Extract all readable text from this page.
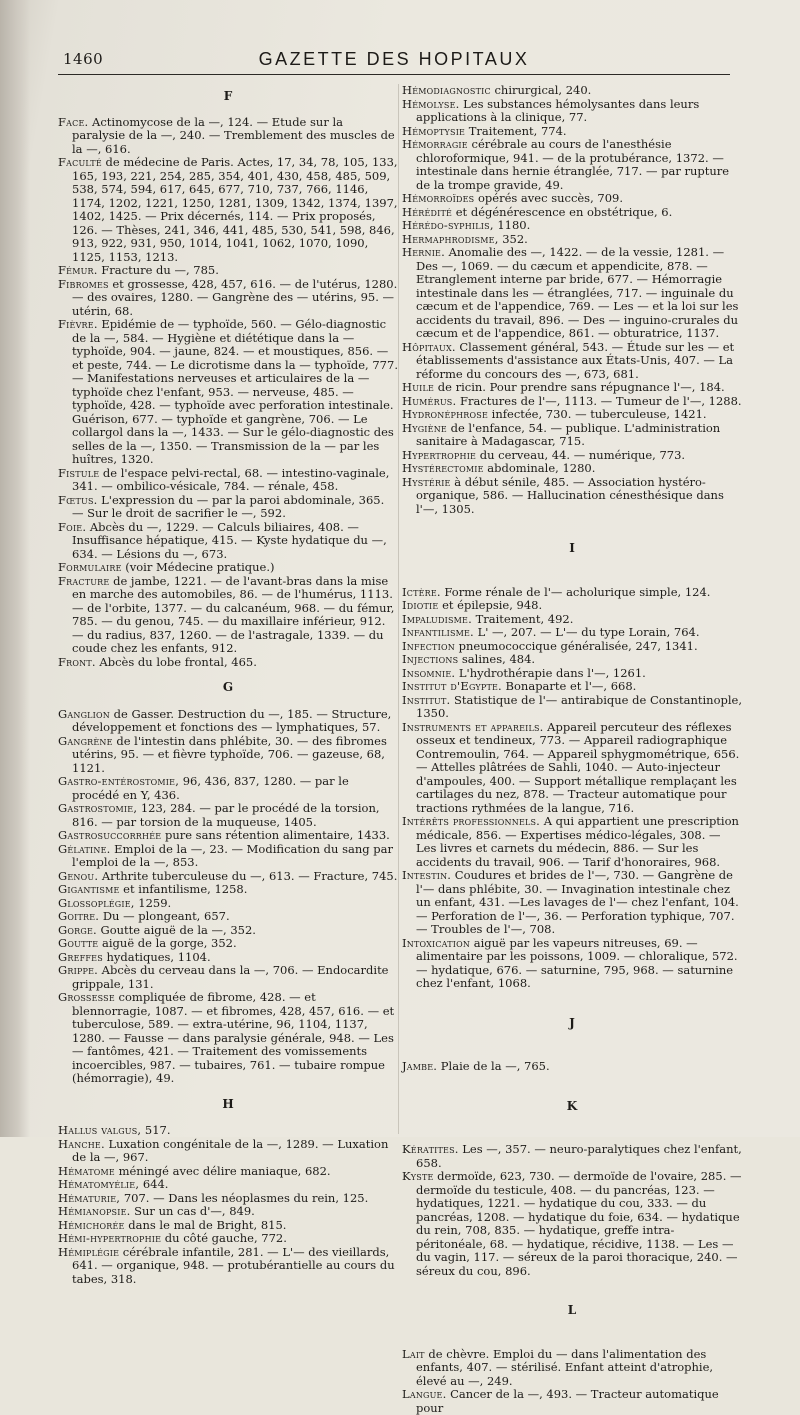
1460	GAZETTE DES HOPITAUX
F

Face. Actinomycose de la —, 124. — Etude sur la paralysie de la —, 240. — Tremblement des muscles de la —, 616.

Faculté de médecine de Paris. Actes, 17, 34, 78, 105, 133, 165, 193, 221, 254, 285, 354, 401, 430, 458, 485, 509, 538, 574, 594, 617, 645, 677, 710, 737, 766, 1146, 1174, 1202, 1221, 1250, 1281, 1309, 1342, 1374, 1397, 1402, 1425. — Prix décernés, 114. — Prix proposés, 126. — Thèses, 241, 346, 441, 485, 530, 541, 598, 846, 913, 922, 931, 950, 1014, 1041, 1062, 1070, 1090, 1125, 1153, 1213.

Fémur. Fracture du —, 785.

Fibromes et grossesse, 428, 457, 616. — de l'utérus, 1280. — des ovaires, 1280. — Gangrène des — utérins, 95. — utérin, 68.

Fièvre. Epidémie de — typhoïde, 560. — Gélo-diagnostic de la —, 584. — Hygiène et diététique dans la — typhoïde, 904. — jaune, 824. — et moustiques, 856. — et peste, 744. — Le dicrotisme dans la — typhoïde, 777. — Manifestations nerveuses et articulaires de la — typhoïde chez l'enfant, 953. — nerveuse, 485. — typhoïde, 428. — typhoïde avec perforation intestinale. Guérison, 677. — typhoïde et gangrène, 706. — Le collargol dans la —, 1433. — Sur le gélo-diagnostic des selles de la —, 1350. — Transmission de la — par les huîtres, 1320.

Fistule de l'espace pelvi-rectal, 68. — intestino-vaginale, 341. — ombilico-vésicale, 784. — rénale, 458.

Fœtus. L'expression du — par la paroi abdominale, 365. — Sur le droit de sacrifier le —, 592.

Foie. Abcès du —, 1229. — Calculs biliaires, 408. — Insuffisance hépatique, 415. — Kyste hydatique du —, 634. — Lésions du —, 673.

Formulaire (voir Médecine pratique.)

Fracture de jambe, 1221. — de l'avant-bras dans la mise en marche des automobiles, 86. — de l'humérus, 1113. — de l'orbite, 1377. — du calcanéum, 968. — du fémur, 785. — du genou, 745. — du maxillaire inférieur, 912. — du radius, 837, 1260. — de l'astragale, 1339. — du coude chez les enfants, 912.

Front. Abcès du lobe frontal, 465.

G

Ganglion de Gasser. Destruction du —, 185. — Structure, développement et fonctions des — lymphatiques, 57.

Gangrène de l'intestin dans phlébite, 30. — des fibromes utérins, 95. — et fièvre typhoïde, 706. — gazeuse, 68, 1121.

Gastro-entérostomie, 96, 436, 837, 1280. — par le procédé en Y, 436.

Gastrostomie, 123, 284. — par le procédé de la torsion, 816. — par torsion de la muqueuse, 1405.

Gastrosuccorrhée pure sans rétention alimentaire, 1433.

Gélatine. Emploi de la —, 23. — Modification du sang par l'emploi de la —, 853.

Genou. Arthrite tuberculeuse du —, 613. — Fracture, 745.

Gigantisme et infantilisme, 1258.

Glossoplégie, 1259.

Goitre. Du — plongeant, 657.

Gorge. Goutte aiguë de la —, 352.

Goutte aiguë de la gorge, 352.

Greffes hydatiques, 1104.

Grippe. Abcès du cerveau dans la —, 706. — Endocardite grippale, 131.

Grossesse compliquée de fibrome, 428. — et blennorragie, 1087. — et fibromes, 428, 457, 616. — et tuberculose, 589. — extra-utérine, 96, 1104, 1137, 1280. — Fausse — dans paralysie générale, 948. — Les — fantômes, 421. — Traitement des vomissements incoercibles, 987. — tubaires, 761. — tubaire rompue (hémorragie), 49.

H

Hallus valgus, 517.

Hanche. Luxation congénitale de la —, 1289. — Luxation de la —, 967.

Hématome méningé avec délire maniaque, 682.

Hématomyélie, 644.

Hématurie, 707. — Dans les néoplasmes du rein, 125.

Hémianopsie. Sur un cas d'—, 849.

Hémichorée dans le mal de Bright, 815.

Hémi-hypertrophie du côté gauche, 772.

Hémiplégie cérébrale infantile, 281. — L'— des vieillards, 641. — organique, 948. — protubérantielle au cours du tabes, 318.

Hémodiagnostic chirurgical, 240.

Hémolyse. Les substances hémolysantes dans leurs applications à la clinique, 77.

Hémoptysie Traitement, 774.

Hémorragie cérébrale au cours de l'anesthésie chloroformique, 941. — de la protubérance, 1372. — intestinale dans hernie étranglée, 717. — par rupture de la trompe gravide, 49.

Hémorroïdes opérés avec succès, 709.

Hérédité et dégénérescence en obstétrique, 6.

Hérédo-syphilis, 1180.

Hermaphrodisme, 352.

Hernie. Anomalie des —, 1422. — de la vessie, 1281. — Des —, 1069. — du cæcum et appendicite, 878. — Etranglement interne par bride, 677. — Hémorragie intestinale dans les — étranglées, 717. — inguinale du cæcum et de l'appendice, 769. — Les — et la loi sur les accidents du travail, 896. — Des — inguino-crurales du cæcum et de l'appendice, 861. — obturatrice, 1137.

Hôpitaux. Classement général, 543. — Étude sur les — et établissements d'assistance aux États-Unis, 407. — La réforme du concours des —, 673, 681.

Huile de ricin. Pour prendre sans répugnance l'—, 184.

Humérus. Fractures de l'—, 1113. — Tumeur de l'—, 1288.

Hydronéphrose infectée, 730. — tuberculeuse, 1421.

Hygiène de l'enfance, 54. — publique. L'administration sanitaire à Madagascar, 715.

Hypertrophie du cerveau, 44. — numérique, 773.

Hystérectomie abdominale, 1280.

Hystérie à début sénile, 485. — Association hystéro-organique, 586. — Hallucination cénesthésique dans l'—, 1305.

I

Ictère. Forme rénale de l'— acholurique simple, 124.

Idiotie et épilepsie, 948.

Impaludisme. Traitement, 492.

Infantilisme. L' —, 207. — L'— du type Lorain, 764.

Infection pneumococcique généralisée, 247, 1341.

Injections salines, 484.

Insomnie. L'hydrothérapie dans l'—, 1261.

Institut d'Egypte. Bonaparte et l'—, 668.

Institut. Statistique de l'— antirabique de Constantinople, 1350.

Instruments et appareils. Appareil percuteur des réflexes osseux et tendineux, 773. — Appareil radiographique Contremoulin, 764. — Appareil sphygmométrique, 656. — Attelles plâtrées de Sahli, 1040. — Auto-injecteur d'ampoules, 400. — Support métallique remplaçant les cartilages du nez, 878. — Tracteur automatique pour tractions rythmées de la langue, 716.

Intérêts professionnels. A qui appartient une prescription médicale, 856. — Expertises médico-légales, 308. — Les livres et carnets du médecin, 886. — Sur les accidents du travail, 906. — Tarif d'honoraires, 968.

Intestin. Coudures et brides de l'—, 730. — Gangrène de l'— dans phlébite, 30. — Invagination intestinale chez un enfant, 431. —Les lavages de l'— chez l'enfant, 104. — Perforation de l'—, 36. — Perforation typhique, 707. — Troubles de l'—, 708.

Intoxication aiguë par les vapeurs nitreuses, 69. — alimentaire par les poissons, 1009. — chloralique, 572. — hydatique, 676. — saturnine, 795, 968. — saturnine chez l'enfant, 1068.

J

Jambe. Plaie de la —, 765.

K

Kératites. Les —, 357. — neuro-paralytiques chez l'enfant, 658.

Kyste dermoïde, 623, 730. — dermoïde de l'ovaire, 285. — dermoïde du testicule, 408. — du pancréas, 123. — hydatiques, 1221. — hydatique du cou, 333. — du pancréas, 1208. — hydatique du foie, 634. — hydatique du rein, 708, 835. — hydatique, greffe intra-péritonéale, 68. — hydatique, récidive, 1138. — Les — du vagin, 117. — séreux de la paroi thoracique, 240. — séreux du cou, 896.

L

Lait de chèvre. Emploi du — dans l'alimentation des enfants, 407. — stérilisé. Enfant atteint d'atrophie, élevé au —, 249.

Langue. Cancer de la —, 493. — Tracteur automatique pour
